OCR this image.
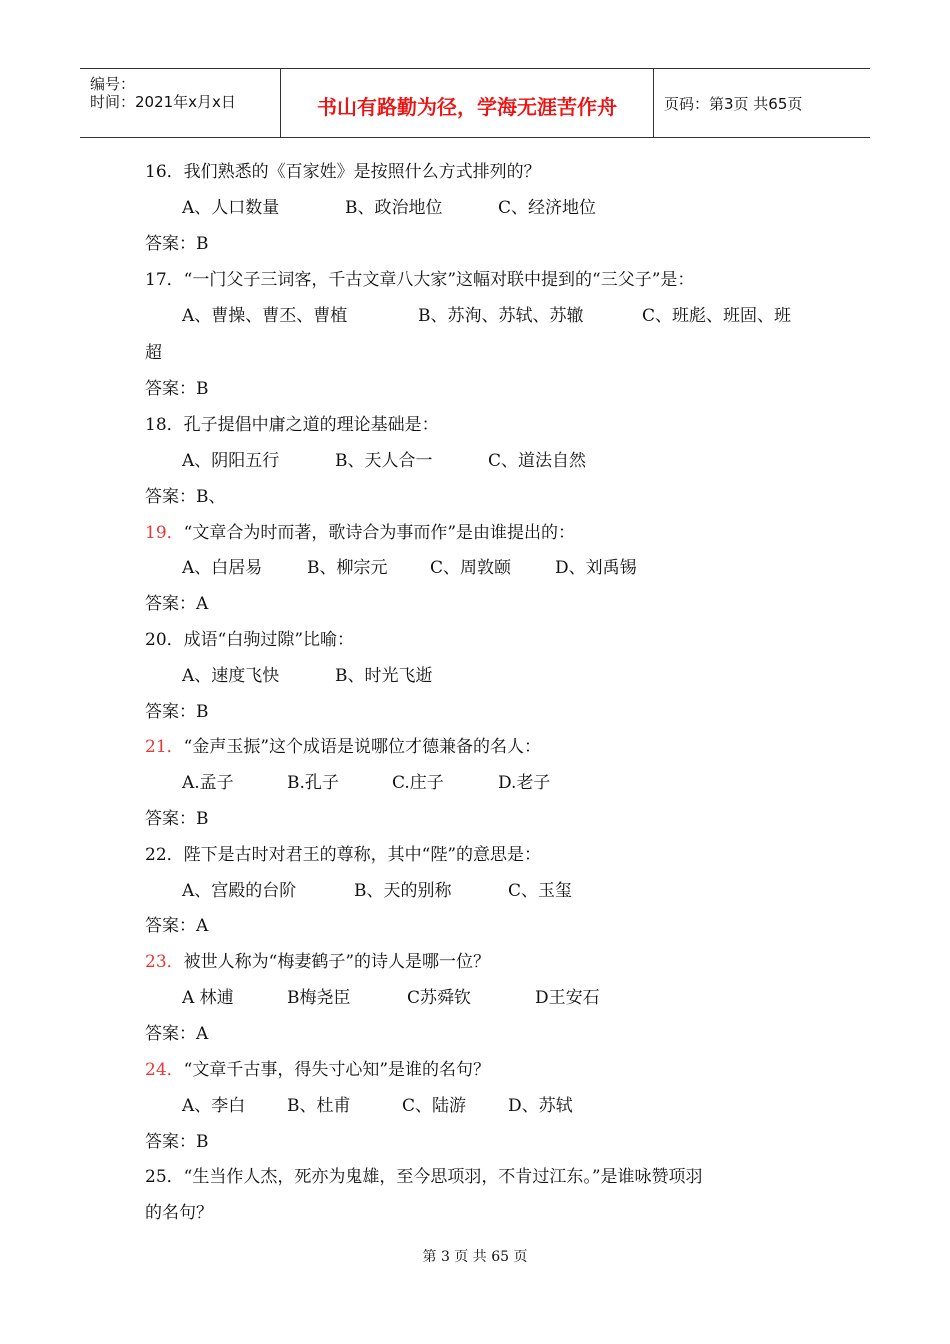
编号：
时间：2021年x月x日	书山有路勤为径，学海无涯苦作舟	页码：第3页 共65页
16．我们熟悉的《百家姓》是按照什么方式排列的？
A、人口数量	B、政治地位	C、经济地位
答案：B
17．“一门父子三词客，千古文章八大家”这幅对联中提到的“三父子”是：
A、曹操、曹丕、曹植	B、苏洵、苏轼、苏辙	C、班彪、班固、班
超
答案：B
18．孔子提倡中庸之道的理论基础是：
A、阴阳五行	B、天人合一	C、道法自然
答案：B、
19．“文章合为时而著，歌诗合为事而作”是由谁提出的：
A、白居易	B、柳宗元	C、周敦颐	D、刘禹锡
答案：A
20．成语“白驹过隙”比喻：
A、速度飞快	B、时光飞逝
答案：B
21．“金声玉振”这个成语是说哪位才德兼备的名人：
A.孟子	B.孔子	C.庄子	D.老子
答案：B
22．陛下是古时对君王的尊称，其中“陛”的意思是：
A、宫殿的台阶	B、天的别称	C、玉玺
答案：A
23．被世人称为“梅妻鹤子”的诗人是哪一位？
A 林逋	B梅尧臣	C苏舜钦	D王安石
答案：A
24．“文章千古事，得失寸心知”是谁的名句？
A、李白 B、杜甫	C、陆游 D、苏轼
答案：B
25．“生当作人杰，死亦为鬼雄，至今思项羽，不肯过江东。”是谁咏赞项羽
的名句？
第 3 页 共 65 页
